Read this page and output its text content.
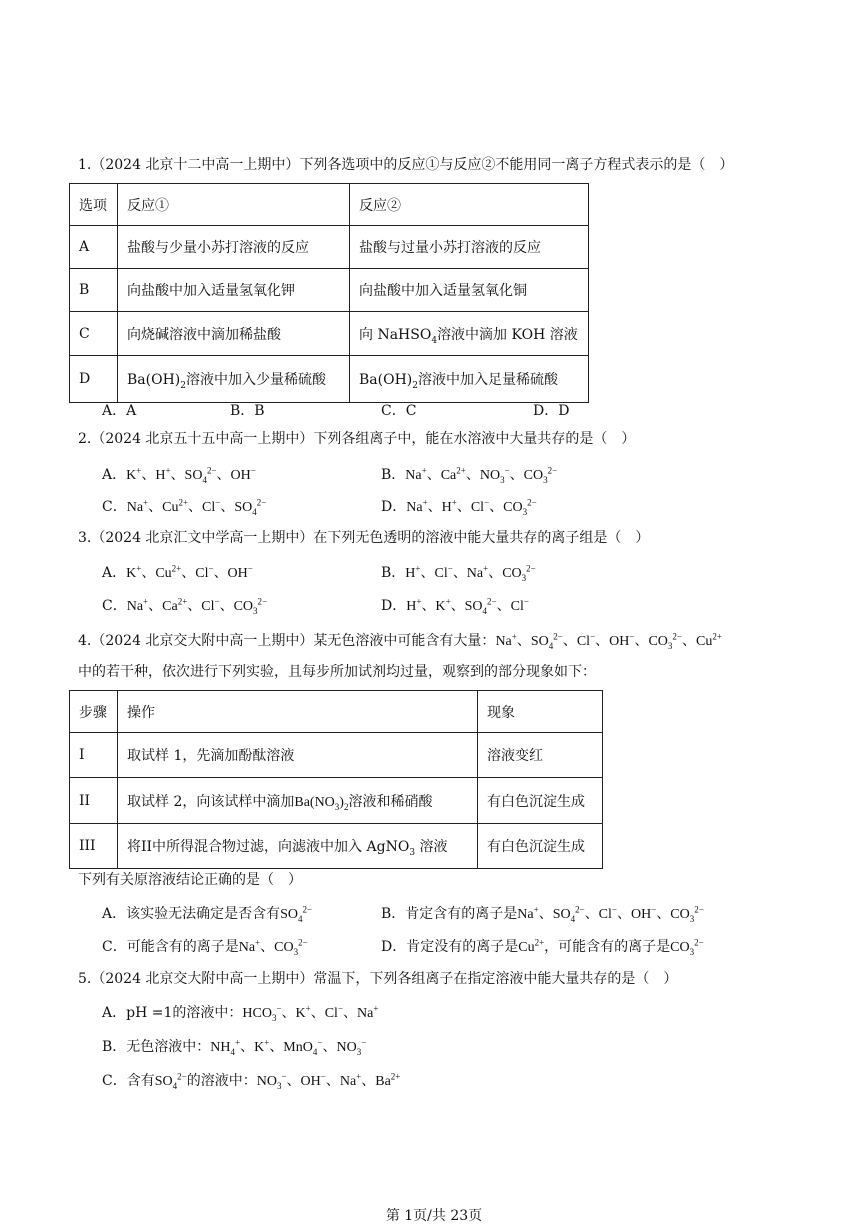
1.（2024 北京十二中高一上期中）下列各选项中的反应①与反应②不能用同一离子方程式表示的是（　）
选项	反应①	反应②
A	盐酸与少量小苏打溶液的反应	盐酸与过量小苏打溶液的反应
B	向盐酸中加入适量氢氧化钾	向盐酸中加入适量氢氧化铜
C	向烧碱溶液中滴加稀盐酸	向 NaHSO$_4$溶液中滴加 KOH 溶液
D	$Ba(OH)_2$溶液中加入少量稀硫酸	$Ba(OH)_2$溶液中加入足量稀硫酸
A．A	B．B	C．C	D．D
2.（2024 北京五十五中高一上期中）下列各组离子中，能在水溶液中大量共存的是（　）
A．K+、H+、$SO_4^{2-}$、OH−	B．Na+、$Ca^{2+}$、$NO_3^-$、$CO_3^{2-}$
C．Na+、$Cu^{2+}$、Cl−、$SO_4^{2-}$	D．Na+、H+、Cl−、$CO_3^{2-}$
3.（2024 北京汇文中学高一上期中）在下列无色透明的溶液中能大量共存的离子组是（　）
A．K+、$Cu^{2+}$、Cl−、OH−	B．H+、Cl−、Na+、$CO_3^{2-}$
C．Na+、$Ca^{2+}$、Cl−、$CO_3^{2-}$	D．H+、K+、$SO_4^{2-}$、Cl−
4.（2024 北京交大附中高一上期中）某无色溶液中可能含有大量：Na+、$SO_4^{2-}$、Cl−、OH−、$CO_3^{2-}$、$Cu^{2+}$
中的若干种，依次进行下列实验，且每步所加试剂均过量，观察到的部分现象如下：
步骤	操作	现象
I	取试样 1，先滴加酚酞溶液	溶液变红
II	取试样 2，向该试样中滴加$Ba(NO_3)_2$溶液和稀硝酸	有白色沉淀生成
III	将II中所得混合物过滤，向滤液中加入 AgNO$_3$ 溶液	有白色沉淀生成
下列有关原溶液结论正确的是（　）
A．该实验无法确定是否含有$SO_4^{2-}$	B．肯定含有的离子是Na+、$SO_4^{2-}$、Cl−、OH−、$CO_3^{2-}$
C．可能含有的离子是Na+、$CO_3^{2-}$	D．肯定没有的离子是$Cu^{2+}$，可能含有的离子是$CO_3^{2-}$
5.（2024 北京交大附中高一上期中）常温下，下列各组离子在指定溶液中能大量共存的是（　）
A．pH =1的溶液中：$HCO_3^-$、K+、Cl−、Na+
B．无色溶液中：$NH_4^+$、K+、MnO$_4$−、$NO_3^-$
C．含有$SO_4^{2-}$的溶液中：$NO_3^-$、OH−、Na+、$Ba^{2+}$
第 1页/共 23页
